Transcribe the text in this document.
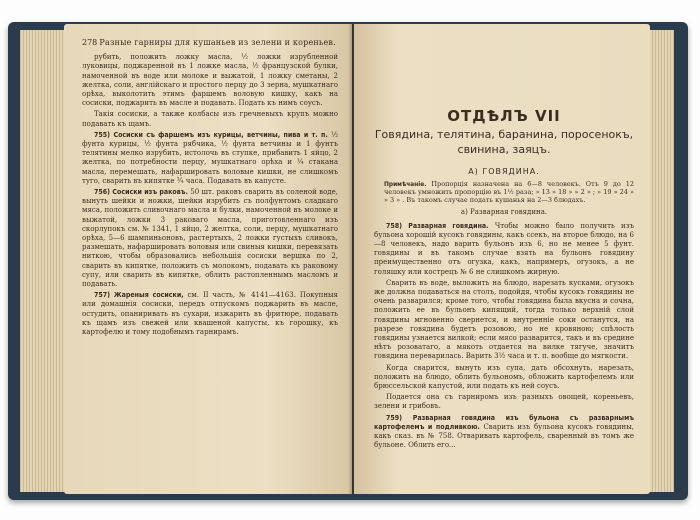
278 Разные гарниры для кушаньев из зелени и кореньев.

рубить, положить ложку масла, ½ ложки изрубленной луковицы, поджаренной въ 1 ложке масла, ½ французской булки, намоченной въ воде или молоке и выжатой, 1 ложку сметаны, 2 желтка, соли, англійскаго и простого перцу до 3 зерна, мушкатнаго орѣха, выколотить этимъ фаршемъ воловую кишку, какъ на сосиски, поджарить въ масле и подавать. Подать къ нимъ соусъ.

Такія сосиски, а также колбасы изъ гречневыхъ крупъ можно подавать къ щамъ.

755) Сосиски съ фаршемъ изъ курицы, ветчины, пива и т. п. ½ фунта курицы, ½ фунта рябчика, ½ фунта ветчины и 1 фунтъ телятины мелко изрубить, истолочь въ ступке, прибавить 1 яйцо, 2 желтка, по потребности перцу, мушкатнаго орѣха и ¼ стакана масла, перемешать, нафаршировать воловые кишки, не слишкомъ туго, сварить въ кипятке ¾ часа. Подавать въ капусте.

756) Сосиски изъ раковъ. 50 шт. раковъ сварить въ соленой воде, вынуть шейки и ножки, шейки изрубить съ полфунтомъ сладкаго мяса, положить сливочнаго масла и булки, намоченной въ молоке и выжатой, ложки 3 раковаго масла, приготовленнаго изъ скорлупокъ см. № 1341, 1 яйцо, 2 желтка, соли, перцу, мушкатнаго орѣха, 5—6 шампиньоновъ, растертыхъ, 2 ложки густыхъ сливокъ, размешать, нафаршировать воловыя или свиныя кишки, перевязать ниткою, чтобы образовались небольшія сосиски вершка по 2, сварить въ кипятке, положить съ молокомъ, подавать къ раковому супу, или сварить въ кипятке, облить растопленнымъ масломъ и подавать.

757) Жареныя сосиски, см. II часть, № 4141—4163. Покупныя или домашнія сосиски, передъ отпускомъ поджарить въ масле, остудить, опаниривать въ сухари, изжарить въ фритюре, подавать къ щамъ изъ свежей или квашеной капусты, къ горошку, къ картофелю и тому подобнымъ гарнирамъ.

ОТДѢЛЪ VII
Говядина, телятина, баранина, поросенокъ, свинина, заяцъ.
A) ГОВЯДИНА.

Примѣчаніе. Пропорція назначена на 6—8 человекъ. Отъ 9 до 12 человекъ умножить пропорцію въ 1½ раза; » 13 » 18 » » 2 » ; » 19 » 24 » » 3 » . Въ такомъ случае подать кушанья на 2—3 блюдахъ.

a) Разварная говядина.

758) Разварная говядина. Чтобы можно было получить изъ бульона хорошій кусокъ говядины, какъ ссекъ, на второе блюдо, на 6—8 человекъ, надо варить бульонъ изъ 6, но не менее 5 фунт. говядины и въ такомъ случае взять на бульонъ говядину преимущественно отъ огузка, какъ, напримеръ, огузокъ, а не голяшку или кострецъ № 6 не слишкомъ жирную.

Сварить въ воде, выложить на блюдо, нарезать кусками, огузокъ же должна подаваться на столъ, подойдя, чтобы кусокъ говядины не очень разварился; кроме того, чтобы говядина была вкусна и сочна, положить ее въ бульонъ кипящий, тогда только верхній слой говядины мгновенно свернется, и внутренніе соки останутся, на разрезе говядина будетъ розовою, но не кровяною; спѣлость говядины узнается вилкой; если мясо разварится, такъ и въ средине нѣтъ розоватаго, а мякоть отдается на вилке тягуче, значитъ говядина переварилась. Варить 3½ часа и т. п. вообще до мягкости.

Когда сварится, вынуть изъ супа, дать обсохнуть, нарезать, положить на блюдо, облить бульономъ, обложить картофелемъ или брюссельской капустой, или подать къ ней соусъ.

Подается она съ гарниромъ изъ разныхъ овощей, кореньевъ, зелени и грибовъ.

759) Разварная говядина изъ бульона съ разварнымъ картофелемъ и подливкою. Сварить изъ бульона кусокъ говядины, какъ сказ. въ № 758. Отваривать картофель, сваренный въ томъ же бульоне. Облить его...
